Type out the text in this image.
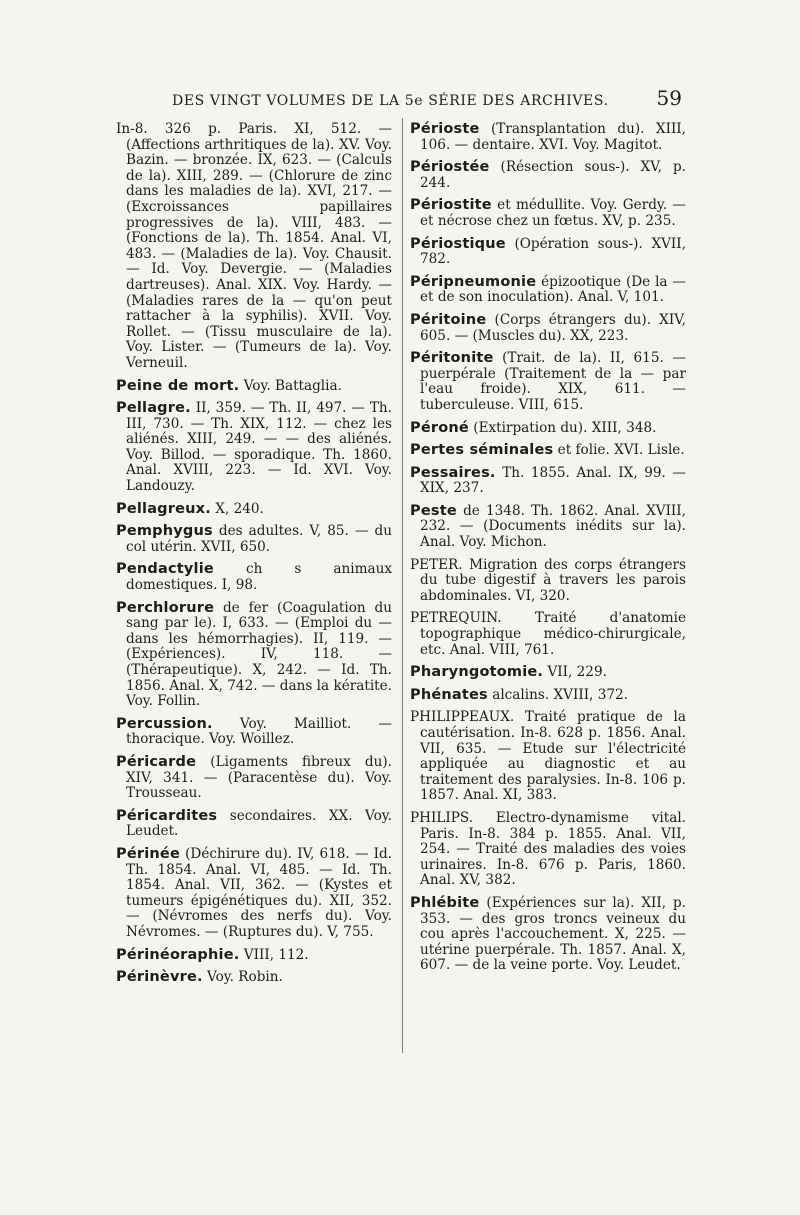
DES VINGT VOLUMES DE LA 5e SÉRIE DES ARCHIVES. 59

In-8. 326 p. Paris. XI, 512. — (Affections arthritiques de la). XV. Voy. Bazin. — bronzée. IX, 623. — (Calculs de la). XIII, 289. — (Chlorure de zinc dans les maladies de la). XVI, 217. — (Excroissances papillaires progressives de la). VIII, 483. — (Fonctions de la). Th. 1854. Anal. VI, 483. — (Maladies de la). Voy. Chausit. — Id. Voy. Devergie. — (Maladies dartreuses). Anal. XIX. Voy. Hardy. — (Maladies rares de la — qu'on peut rattacher à la syphilis). XVII. Voy. Rollet. — (Tissu musculaire de la). Voy. Lister. — (Tumeurs de la). Voy. Verneuil.

Peine de mort. Voy. Battaglia.

Pellagre. II, 359. — Th. II, 497. — Th. III, 730. — Th. XIX, 112. — chez les aliénés. XIII, 249. — — des aliénés. Voy. Billod. — sporadique. Th. 1860. Anal. XVIII, 223. — Id. XVI. Voy. Landouzy.

Pellagreux. X, 240.

Pemphygus des adultes. V, 85. — du col utérin. XVII, 650.

Pendactylie ch s animaux domestiques. I, 98.

Perchlorure de fer (Coagulation du sang par le). I, 633. — (Emploi du — dans les hémorrhagies). II, 119. — (Expériences). IV, 118. — (Thérapeutique). X, 242. — Id. Th. 1856. Anal. X, 742. — dans la kératite. Voy. Follin.

Percussion. Voy. Mailliot. — thoracique. Voy. Woillez.

Péricarde (Ligaments fibreux du). XIV, 341. — (Paracentèse du). Voy. Trousseau.

Péricardites secondaires. XX. Voy. Leudet.

Périnée (Déchirure du). IV, 618. — Id. Th. 1854. Anal. VI, 485. — Id. Th. 1854. Anal. VII, 362. — (Kystes et tumeurs épigénétiques du). XII, 352. — (Névromes des nerfs du). Voy. Névromes. — (Ruptures du). V, 755.

Périnéoraphie. VIII, 112.

Périnèvre. Voy. Robin.

Périoste (Transplantation du). XIII, 106. — dentaire. XVI. Voy. Magitot.

Périostée (Résection sous-). XV, p. 244.

Périostite et médullite. Voy. Gerdy. — et nécrose chez un fœtus. XV, p. 235.

Périostique (Opération sous-). XVII, 782.

Péripneumonie épizootique (De la — et de son inoculation). Anal. V, 101.

Péritoine (Corps étrangers du). XIV, 605. — (Muscles du). XX, 223.

Péritonite (Trait. de la). II, 615. — puerpérale (Traitement de la — par l'eau froide). XIX, 611. — tuberculeuse. VIII, 615.

Péroné (Extirpation du). XIII, 348.

Pertes séminales et folie. XVI. Lisle.

Pessaires. Th. 1855. Anal. IX, 99. — XIX, 237.

Peste de 1348. Th. 1862. Anal. XVIII, 232. — (Documents inédits sur la). Anal. Voy. Michon.

PETER. Migration des corps étrangers du tube digestif à travers les parois abdominales. VI, 320.

PETREQUIN. Traité d'anatomie topographique médico-chirurgicale, etc. Anal. VIII, 761.

Pharyngotomie. VII, 229.

Phénates alcalins. XVIII, 372.

PHILIPPEAUX. Traité pratique de la cautérisation. In-8. 628 p. 1856. Anal. VII, 635. — Etude sur l'électricité appliquée au diagnostic et au traitement des paralysies. In-8. 106 p. 1857. Anal. XI, 383.

PHILIPS. Electro-dynamisme vital. Paris. In-8. 384 p. 1855. Anal. VII, 254. — Traité des maladies des voies urinaires. In-8. 676 p. Paris, 1860. Anal. XV, 382.

Phlébite (Expériences sur la). XII, p. 353. — des gros troncs veineux du cou après l'accouchement. X, 225. — utérine puerpérale. Th. 1857. Anal. X, 607. — de la veine porte. Voy. Leudet.
